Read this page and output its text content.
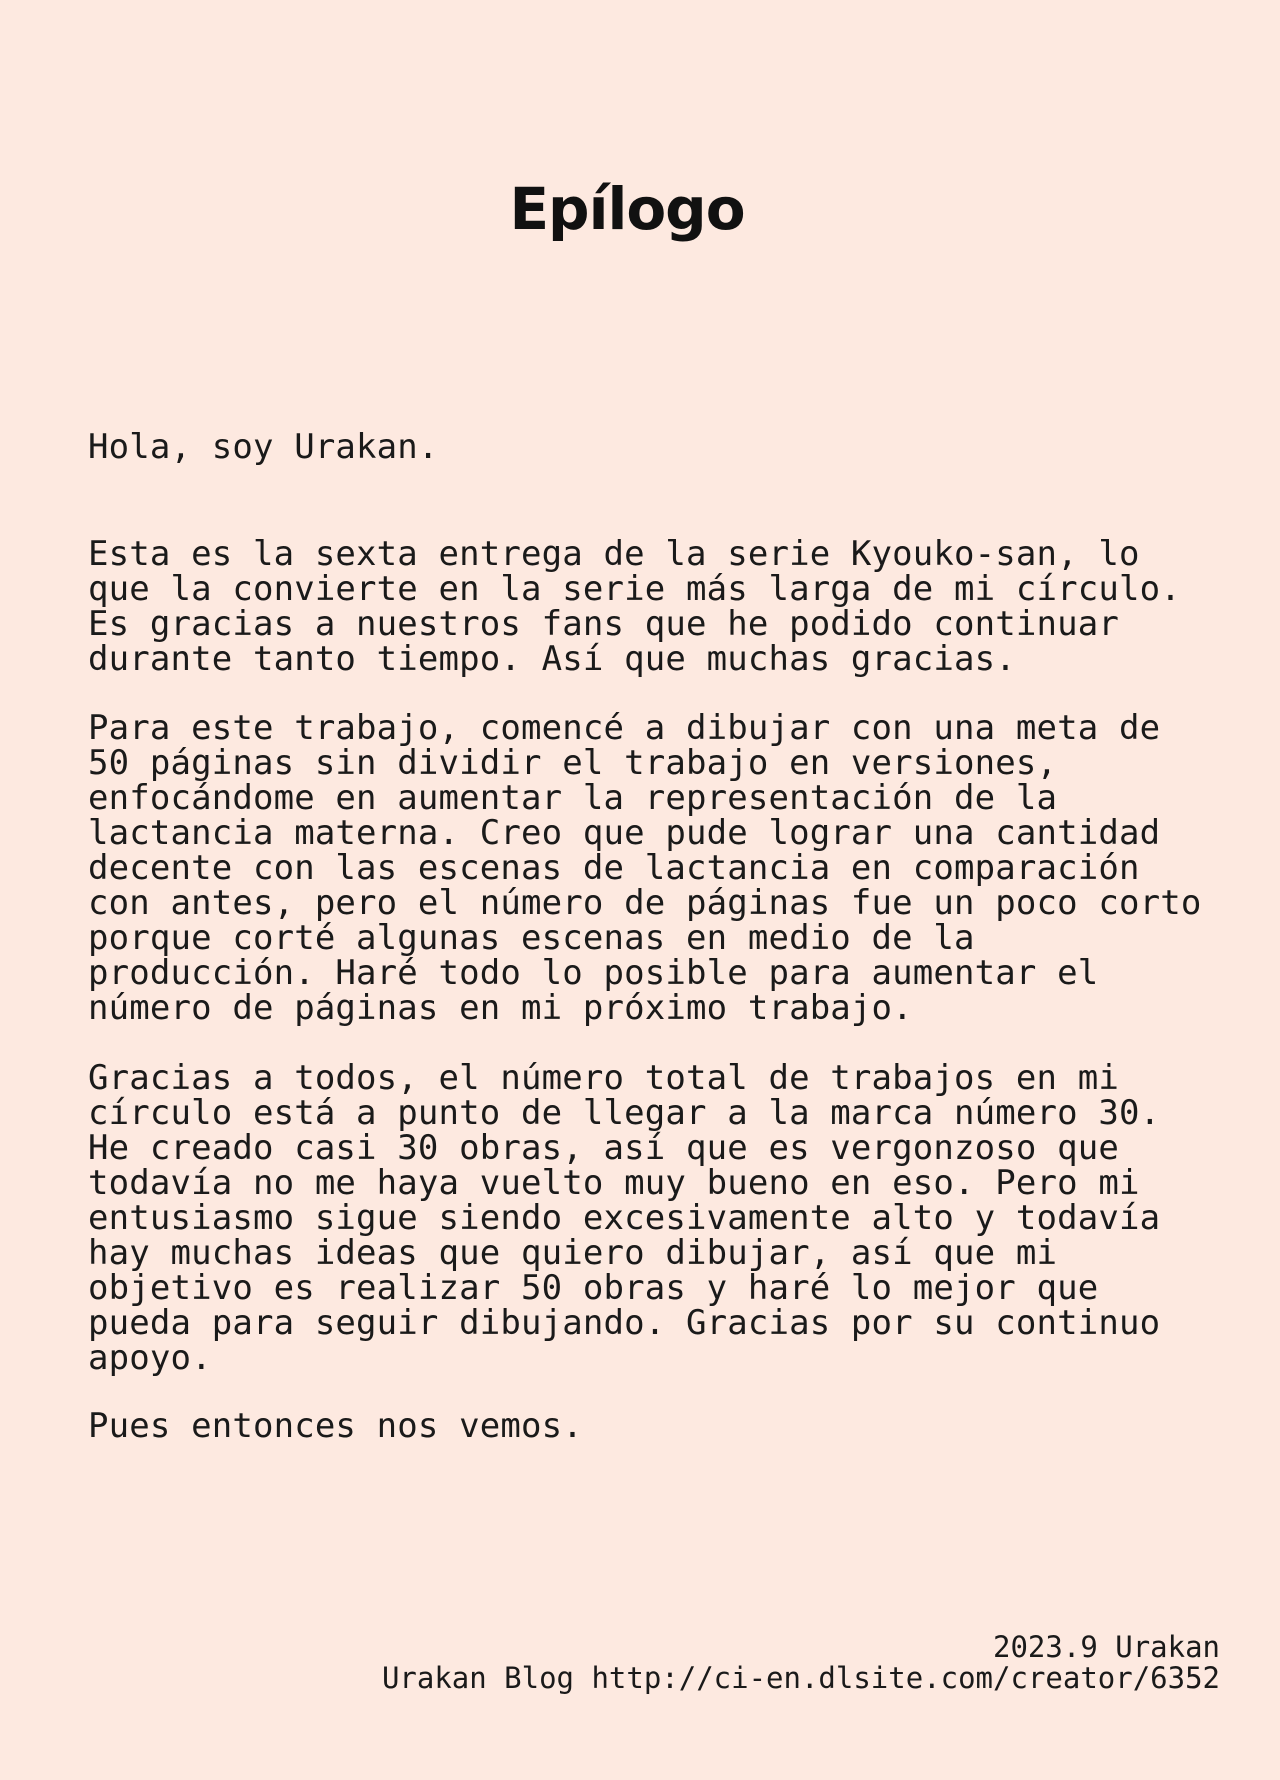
Epílogo

Hola, soy Urakan.

Esta es la sexta entrega de la serie Kyouko-san, lo
que la convierte en la serie más larga de mi círculo.
Es gracias a nuestros fans que he podido continuar
durante tanto tiempo. Así que muchas gracias.

Para este trabajo, comencé a dibujar con una meta de
50 páginas sin dividir el trabajo en versiones,
enfocándome en aumentar la representación de la
lactancia materna. Creo que pude lograr una cantidad
decente con las escenas de lactancia en comparación
con antes, pero el número de páginas fue un poco corto
porque corté algunas escenas en medio de la
producción. Haré todo lo posible para aumentar el
número de páginas en mi próximo trabajo.

Gracias a todos, el número total de trabajos en mi
círculo está a punto de llegar a la marca número 30.
He creado casi 30 obras, así que es vergonzoso que
todavía no me haya vuelto muy bueno en eso. Pero mi
entusiasmo sigue siendo excesivamente alto y todavía
hay muchas ideas que quiero dibujar, así que mi
objetivo es realizar 50 obras y haré lo mejor que
pueda para seguir dibujando. Gracias por su continuo
apoyo.

Pues entonces nos vemos.

2023.9 Urakan

Urakan Blog http://ci-en.dlsite.com/creator/6352
